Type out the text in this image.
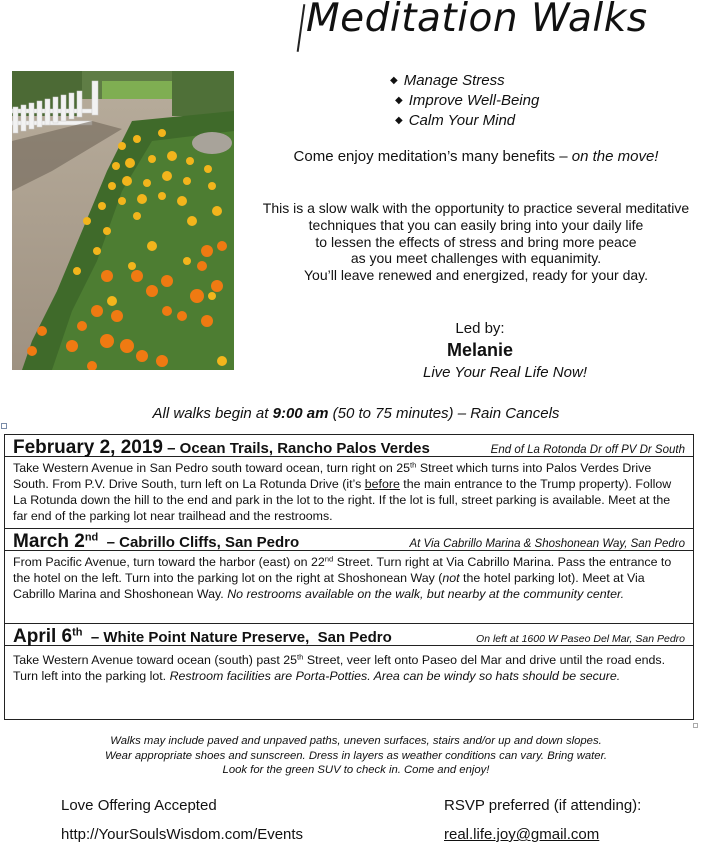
Meditation Walks
◆ Manage Stress
◆ Improve Well-Being
◆ Calm Your Mind
Come enjoy meditation’s many benefits – on the move!
This is a slow walk with the opportunity to practice several meditative
techniques that you can easily bring into your daily life
to lessen the effects of stress and bring more peace
as you meet challenges with equanimity.
You’ll leave renewed and energized, ready for your day.
Led by:
Melanie
Live Your Real Life Now!
All walks begin at 9:00 am (50 to 75 minutes) – Rain Cancels
February 2, 2019 – Ocean Trails, Rancho Palos Verdes	End of La Rotonda Dr off PV Dr South
Take Western Avenue in San Pedro south toward ocean, turn right on 25th Street which turns into Palos Verdes Drive South. From P.V. Drive South, turn left on La Rotunda Drive (it’s before the main entrance to the Trump property). Follow La Rotunda down the hill to the end and park in the lot to the right. If the lot is full, street parking is available. Meet at the far end of the parking lot near trailhead and the restrooms.
March 2nd  – Cabrillo Cliffs, San Pedro	At Via Cabrillo Marina & Shoshonean Way, San Pedro
From Pacific Avenue, turn toward the harbor (east) on 22nd Street. Turn right at Via Cabrillo Marina. Pass the entrance to the hotel on the left. Turn into the parking lot on the right at Shoshonean Way (not the hotel parking lot). Meet at Via Cabrillo Marina and Shoshonean Way. No restrooms available on the walk, but nearby at the community center.
April 6th  – White Point Nature Preserve,  San Pedro	On left at 1600 W Paseo Del Mar, San Pedro
Take Western Avenue toward ocean (south) past 25th Street, veer left onto Paseo del Mar and drive until the road ends. Turn left into the parking lot. Restroom facilities are Porta-Potties. Area can be windy so hats should be secure.
Walks may include paved and unpaved paths, uneven surfaces, stairs and/or up and down slopes.
Wear appropriate shoes and sunscreen. Dress in layers as weather conditions can vary. Bring water.
Look for the green SUV to check in. Come and enjoy!
Love Offering Accepted
http://YourSoulsWisdom.com/Events
RSVP preferred (if attending):
real.life.joy@gmail.com
